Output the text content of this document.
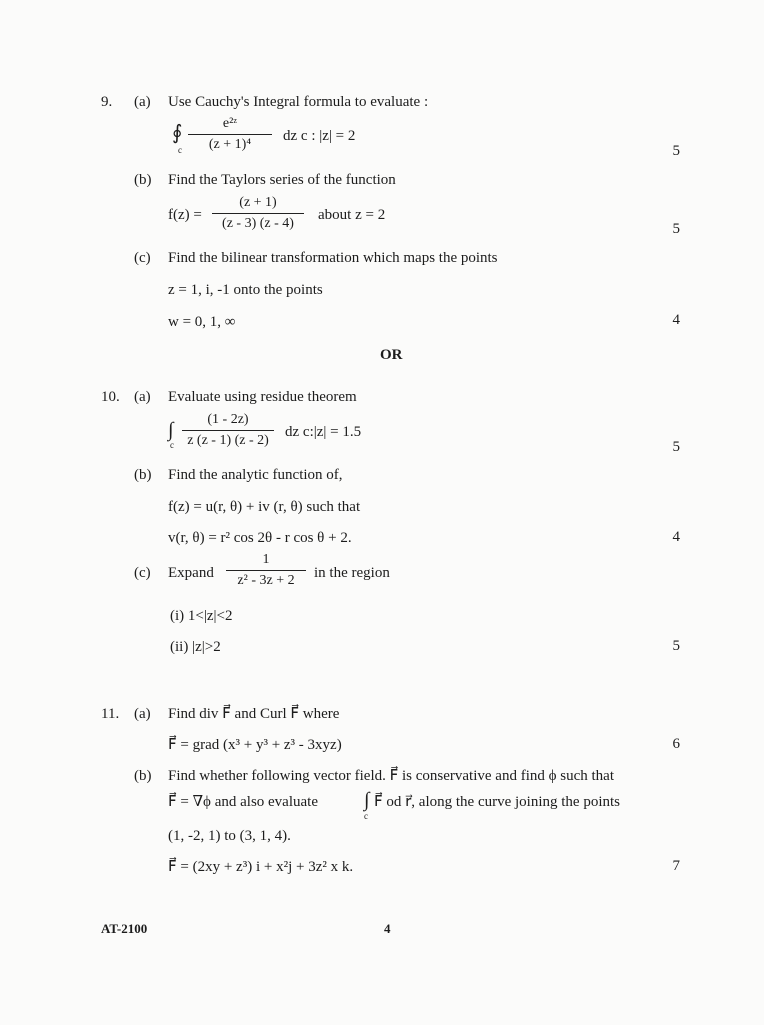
9. (a) Use Cauchy's Integral formula to evaluate :
∮
c
e²ᶻ
(z + 1)⁴
dz c : |z| = 2
5
(b) Find the Taylors series of the function
f(z) =
(z + 1)
(z - 3) (z - 4)
about z = 2
5
(c) Find the bilinear transformation which maps the points
z = 1, i, -1 onto the points
w = 0, 1, ∞	4
OR
10. (a) Evaluate using residue theorem
∫
c
(1 - 2z)
z (z - 1) (z - 2)
dz c:|z| = 1.5
5
(b) Find the analytic function of,
f(z) = u(r, θ) + iv (r, θ) such that
v(r, θ) = r² cos 2θ - r cos θ + 2.	4
(c) Expand
1
z² - 3z + 2	in the region
(i) 1<|z|<2
(ii) |z|>2	5
11. (a) Find div F⃗ and Curl F⃗ where
F⃗ = grad (x³ + y³ + z³ - 3xyz)	6
(b) Find whether following vector field. F⃗ is conservative and find ϕ such that
F⃗ = ∇ϕ and also evaluate ∫
c
F⃗ od r⃗, along the curve joining the points
(1, -2, 1) to (3, 1, 4).
F⃗ = (2xy + z³) i + x²j + 3z² x k.	7
AT-2100	4
